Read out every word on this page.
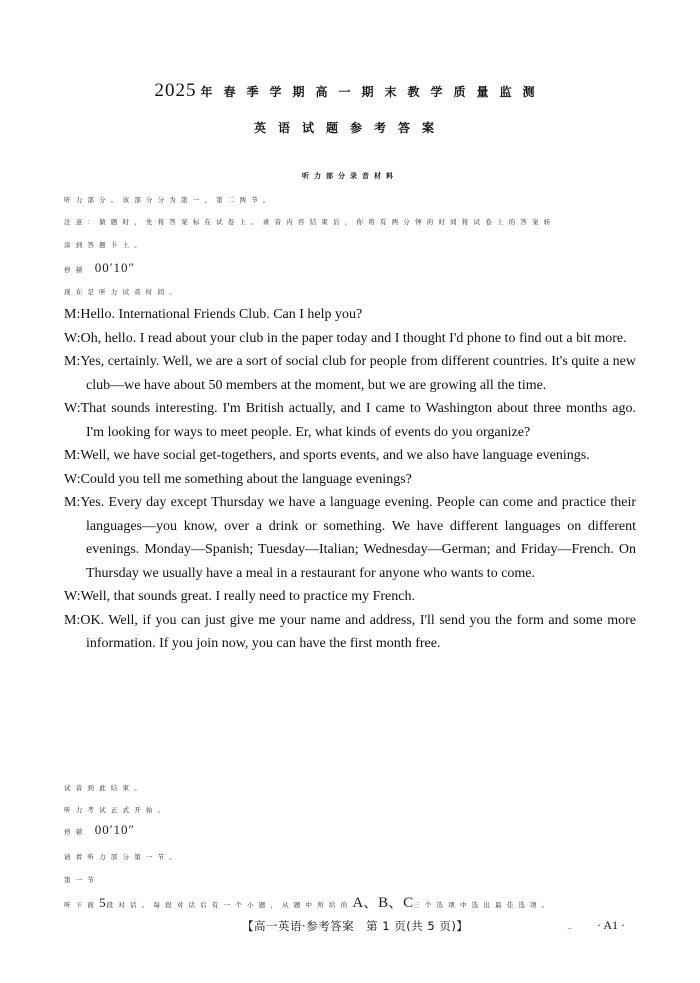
2025 年春季学期高一期末教学质量监测
英语试题参考答案
听力部分录音材料
听力部分。该部分分为第一、第二两节。
注意：做题时，先将答案标在试卷上。录音内容结束后，你将有两分钟的时间将试卷上的答案转
涂到答题卡上。
停顿 00′10″
现在是听力试音时间。
M:Hello. International Friends Club. Can I help you?
W:Oh, hello. I read about your club in the paper today and I thought I'd phone to find out a bit more.
M:Yes, certainly. Well, we are a sort of social club for people from different countries. It's quite a new club—we have about 50 members at the moment, but we are growing all the time.
W:That sounds interesting. I'm British actually, and I came to Washington about three months ago. I'm looking for ways to meet people. Er, what kinds of events do you organize?
M:Well, we have social get-togethers, and sports events, and we also have language evenings.
W:Could you tell me something about the language evenings?
M:Yes. Every day except Thursday we have a language evening. People can come and practice their languages—you know, over a drink or something. We have different languages on different evenings. Monday—Spanish; Tuesday—Italian; Wednesday—German; and Friday—French. On Thursday we usually have a meal in a restaurant for anyone who wants to come.
W:Well, that sounds great. I really need to practice my French.
M:OK. Well, if you can just give me your name and address, I'll send you the form and some more information. If you join now, you can have the first month free.
试音到此结束。
听力考试正式开始。
停顿 00′10″
请看听力部分第一节。
第一节
听下面5段对话。每段对话后有一个小题，从题中所给的A、B、C三个选项中选出最佳选项。
【高一英语·参考答案　第 1 页(共 5 页)】	.. · A1 ·
